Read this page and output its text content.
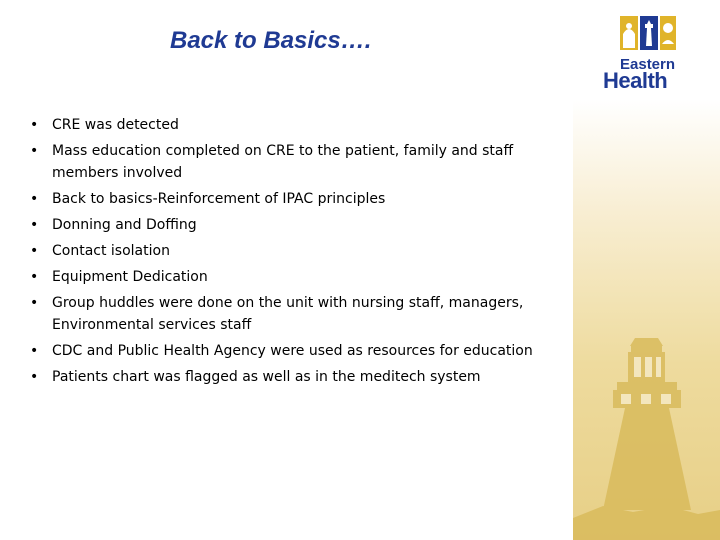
Back to Basics….
• CRE was detected
• Mass education completed on CRE to the patient, family and staff members involved
• Back to basics-Reinforcement of IPAC principles
• Donning and Doffing
• Contact isolation
• Equipment Dedication
• Group huddles were done on the unit with nursing staff, managers, Environmental services staff
• CDC and Public Health Agency were used as resources for education
• Patients chart was flagged as well as in the meditech system
Eastern
Health
